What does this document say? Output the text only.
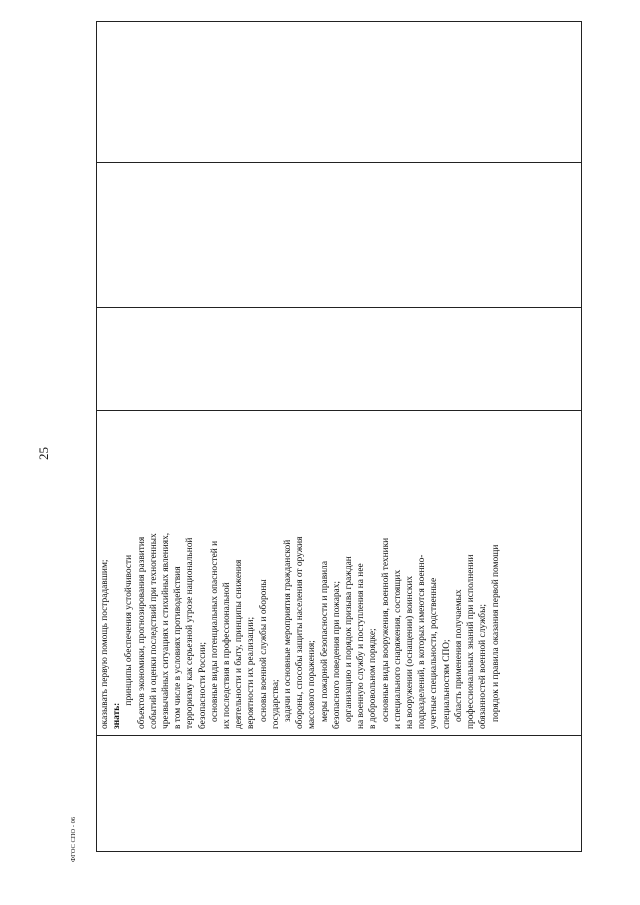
25

оказывать первую помощь пострадавшим; знать: принципы обеспечения устойчивости объектов экономики, прогнозирования развития событий и оценки последствий при техногенных чрезвычайных ситуациях и стихийных явлениях, в том числе в условиях противодействия терроризму как серьезной угрозе национальной безопасности России; основные виды потенциальных опасностей и их последствия в профессиональной деятельности и быту, принципы снижения вероятности их реализации; основы военной службы и обороны государства; задачи и основные мероприятия гражданской обороны, способы защиты населения от оружия массового поражения; меры пожарной безопасности и правила безопасного поведения при пожарах; организацию и порядок призыва граждан на военную службу и поступления на нее в добровольном порядке; основные виды вооружения, военной техники и специального снаряжения, состоящих на вооружении (оснащении) воинских подразделений, в которых имеются военно- учетные специальности, родственные специальностям СПО; область применения получаемых профессиональных знаний при исполнении обязанностей военной службы; порядок и правила оказания первой помощи

ФГОС СПО - 06
